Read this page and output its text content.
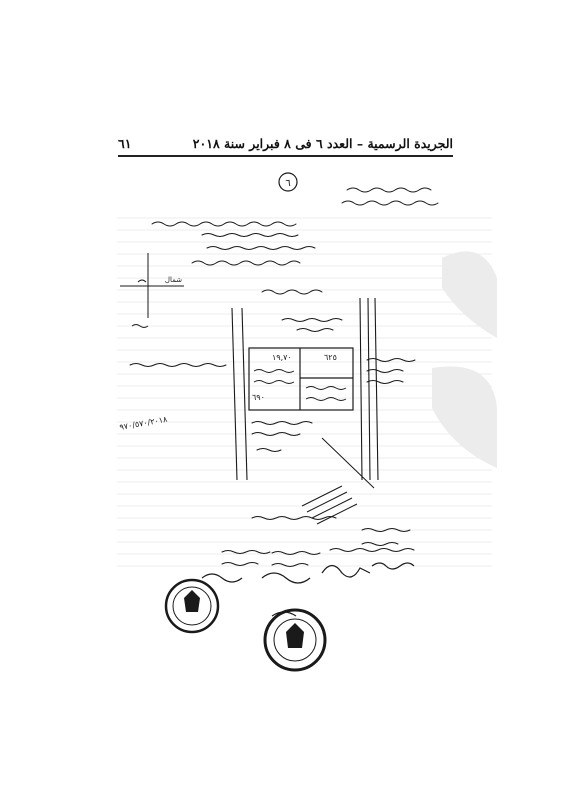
الجريدة الرسمية – العدد ٦ فى ٨ فبراير سنة ٢٠١٨
٦١
٦
شمال
١٩,٧٠	٦٢٥
٦٩٠
٩٧٠/٥٧٠/٢٠١٨
